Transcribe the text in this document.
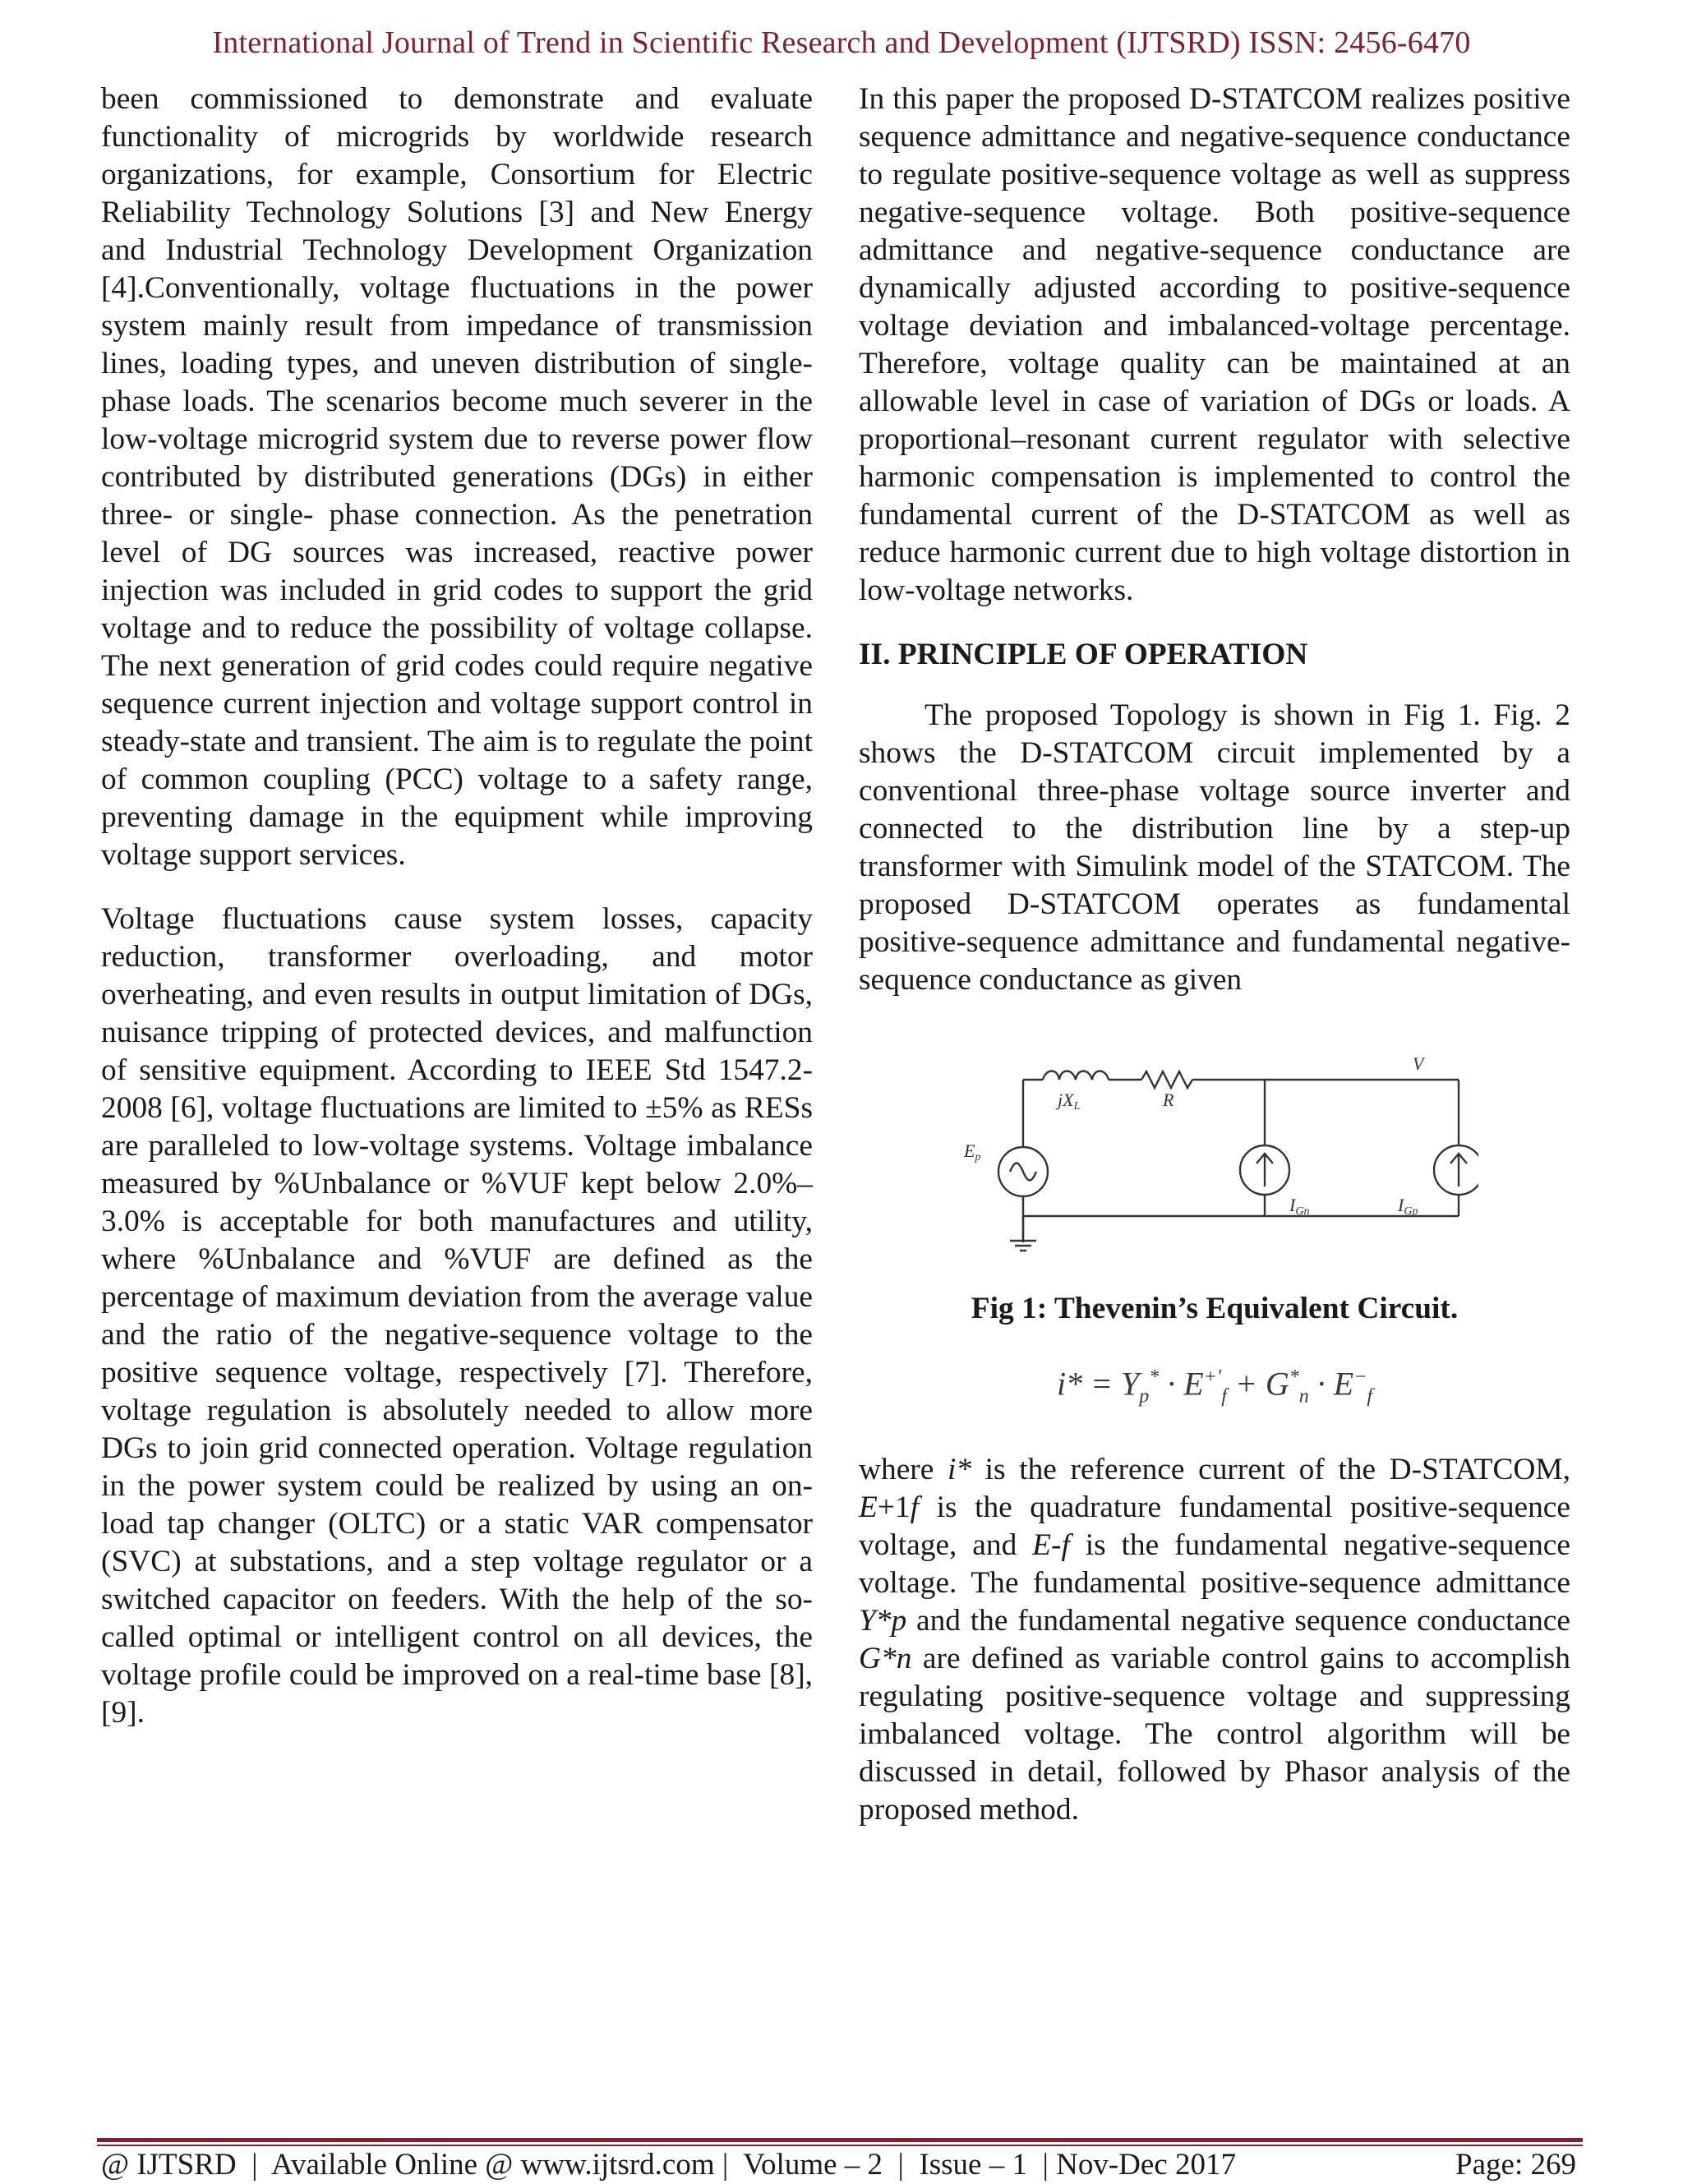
International Journal of Trend in Scientific Research and Development (IJTSRD) ISSN: 2456-6470

been commissioned to demonstrate and evaluate functionality of microgrids by worldwide research organizations, for example, Consortium for Electric Reliability Technology Solutions [3] and New Energy and Industrial Technology Development Organization [4].Conventionally, voltage fluctuations in the power system mainly result from impedance of transmission lines, loading types, and uneven distribution of single-phase loads. The scenarios become much severer in the low-voltage microgrid system due to reverse power flow contributed by distributed generations (DGs) in either three- or single- phase connection. As the penetration level of DG sources was increased, reactive power injection was included in grid codes to support the grid voltage and to reduce the possibility of voltage collapse. The next generation of grid codes could require negative sequence current injection and voltage support control in steady-state and transient. The aim is to regulate the point of common coupling (PCC) voltage to a safety range, preventing damage in the equipment while improving voltage support services.

Voltage fluctuations cause system losses, capacity reduction, transformer overloading, and motor overheating, and even results in output limitation of DGs, nuisance tripping of protected devices, and malfunction of sensitive equipment. According to IEEE Std 1547.2-2008 [6], voltage fluctuations are limited to ±5% as RESs are paralleled to low-voltage systems. Voltage imbalance measured by %Unbalance or %VUF kept below 2.0%–3.0% is acceptable for both manufactures and utility, where %Unbalance and %VUF are defined as the percentage of maximum deviation from the average value and the ratio of the negative-sequence voltage to the positive sequence voltage, respectively [7]. Therefore, voltage regulation is absolutely needed to allow more DGs to join grid connected operation. Voltage regulation in the power system could be realized by using an on-load tap changer (OLTC) or a static VAR compensator (SVC) at substations, and a step voltage regulator or a switched capacitor on feeders. With the help of the so-called optimal or intelligent control on all devices, the voltage profile could be improved on a real-time base [8], [9].

In this paper the proposed D-STATCOM realizes positive sequence admittance and negative-sequence conductance to regulate positive-sequence voltage as well as suppress negative-sequence voltage. Both positive-sequence admittance and negative-sequence conductance are dynamically adjusted according to positive-sequence voltage deviation and imbalanced-voltage percentage. Therefore, voltage quality can be maintained at an allowable level in case of variation of DGs or loads. A proportional–resonant current regulator with selective harmonic compensation is implemented to control the fundamental current of the D-STATCOM as well as reduce harmonic current due to high voltage distortion in low-voltage networks.

II. PRINCIPLE OF OPERATION

The proposed Topology is shown in Fig 1. Fig. 2 shows the D-STATCOM circuit implemented by a conventional three-phase voltage source inverter and connected to the distribution line by a step-up transformer with Simulink model of the STATCOM. The proposed D-STATCOM operates as fundamental positive-sequence admittance and fundamental negative-sequence conductance as given

V
jXL	R
Ep
IGn	IGp
Fig 1: Thevenin’s Equivalent Circuit.
$i* = Y_p^* \cdot E^{+'}_f + G^*_n \cdot E^-_f$

where i* is the reference current of the D-STATCOM, E+1f is the quadrature fundamental positive-sequence voltage, and E-f is the fundamental negative-sequence voltage. The fundamental positive-sequence admittance Y*p and the fundamental negative sequence conductance G*n are defined as variable control gains to accomplish regulating positive-sequence voltage and suppressing imbalanced voltage. The control algorithm will be discussed in detail, followed by Phasor analysis of the proposed method.

@ IJTSRD  |  Available Online @ www.ijtsrd.com |  Volume – 2  |  Issue – 1  | Nov-Dec 2017	Page: 269
